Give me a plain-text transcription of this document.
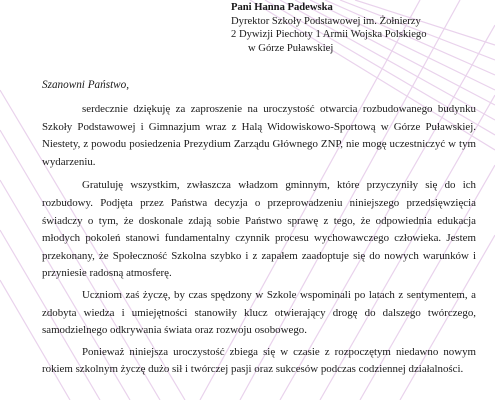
Pani Hanna Padewska
Dyrektor Szkoły Podstawowej im. Żołnierzy
2 Dywizji Piechoty 1 Armii Wojska Polskiego
w Górze Puławskiej
Szanowni Państwo,

serdecznie dziękuję za zaproszenie na uroczystość otwarcia rozbudowanego budynku Szkoły Podstawowej i Gimnazjum wraz z Halą Widowiskowo-Sportową w Górze Puławskiej. Niestety, z powodu posiedzenia Prezydium Zarządu Głównego ZNP, nie mogę uczestniczyć w tym wydarzeniu.

Gratuluję wszystkim, zwłaszcza władzom gminnym, które przyczyniły się do ich rozbudowy. Podjęta przez Państwa decyzja o przeprowadzeniu niniejszego przedsięwzięcia świadczy o tym, że doskonale zdają sobie Państwo sprawę z tego, że odpowiednia edukacja młodych pokoleń stanowi fundamentalny czynnik procesu wychowawczego człowieka. Jestem przekonany, że Społeczność Szkolna szybko i z zapałem zaadoptuje się do nowych warunków i przyniesie radosną atmosferę.

Uczniom zaś życzę, by czas spędzony w Szkole wspominali po latach z sentymentem, a zdobyta wiedza i umiejętności stanowiły klucz otwierający drogę do dalszego twórczego, samodzielnego odkrywania świata oraz rozwoju osobowego.

Ponieważ niniejsza uroczystość zbiega się w czasie z rozpoczętym niedawno nowym rokiem szkolnym życzę dużo sił i twórczej pasji oraz sukcesów podczas codziennej działalności.
